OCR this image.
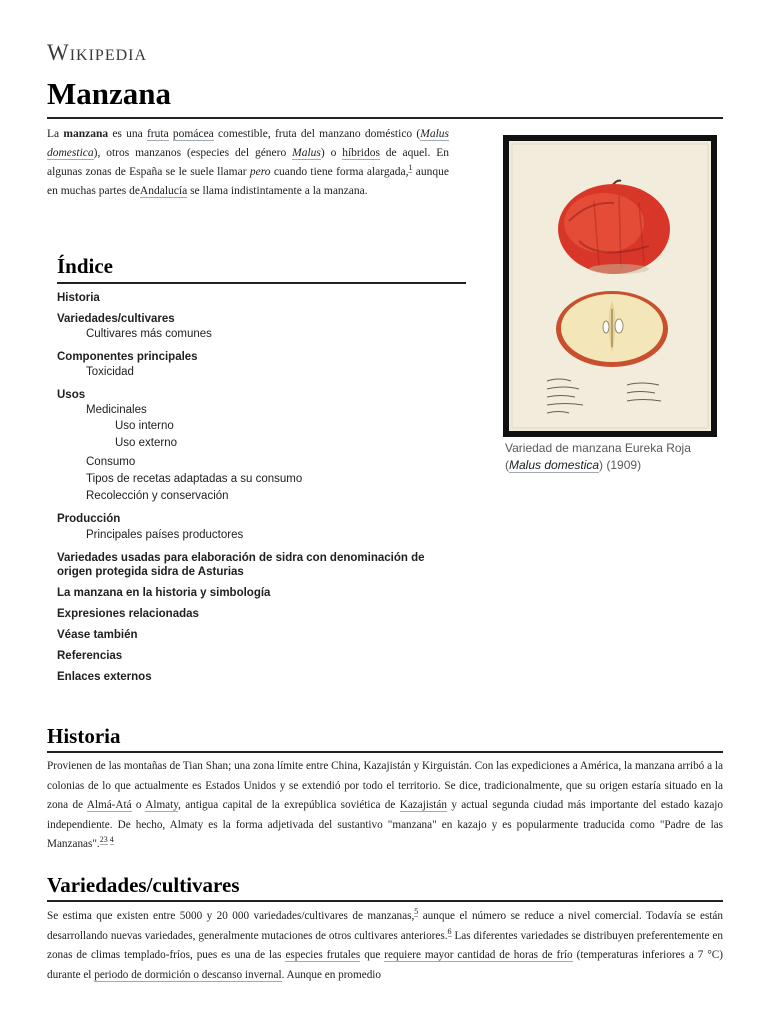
Wikipedia
Manzana

La manzana es una fruta pomácea comestible, fruta del manzano doméstico (Malus domestica), otros manzanos (especies del género Malus) o híbridos de aquel. En algunas zonas de España se le suele llamar pero cuando tiene forma alargada,$^1$ aunque en muchas partes deAndalucía se llama indistintamente a la manzana.

Variedad de manzana Eureka Roja (Malus domestica) (1909)

Índice
Historia
Variedades/cultivares
Cultivares más comunes
Componentes principales
Toxicidad
Usos
Medicinales
Uso interno
Uso externo
Consumo
Tipos de recetas adaptadas a su consumo
Recolección y conservación
Producción
Principales países productores
Variedades usadas para elaboración de sidra con denominación de origen protegida sidra de Asturias
La manzana en la historia y simbología
Expresiones relacionadas
Véase también
Referencias
Enlaces externos
Historia

Provienen de las montañas de Tian Shan; una zona límite entre China, Kazajistán y Kirguistán. Con las expediciones a América, la manzana arribó a la colonias de lo que actualmente es Estados Unidos y se extendió por todo el territorio. Se dice, tradicionalmente, que su origen estaría situado en la zona de Almá-Atá o Almaty, antigua capital de la exrepública soviética de Kazajistán y actual segunda ciudad más importante del estado kazajo independiente. De hecho, Almaty es la forma adjetivada del sustantivo "manzana" en kazajo y es popularmente traducida como "Padre de las Manzanas".$^{23}$ $^4$

Variedades/cultivares

Se estima que existen entre 5000 y 20 000 variedades/cultivares de manzanas,$^5$ aunque el número se reduce a nivel comercial. Todavía se están desarrollando nuevas variedades, generalmente mutaciones de otros cultivares anteriores.$^6$ Las diferentes variedades se distribuyen preferentemente en zonas de climas templado-fríos, pues es una de las especies frutales que requiere mayor cantidad de horas de frío (temperaturas inferiores a 7 °C) durante el periodo de dormición o descanso invernal. Aunque en promedio
